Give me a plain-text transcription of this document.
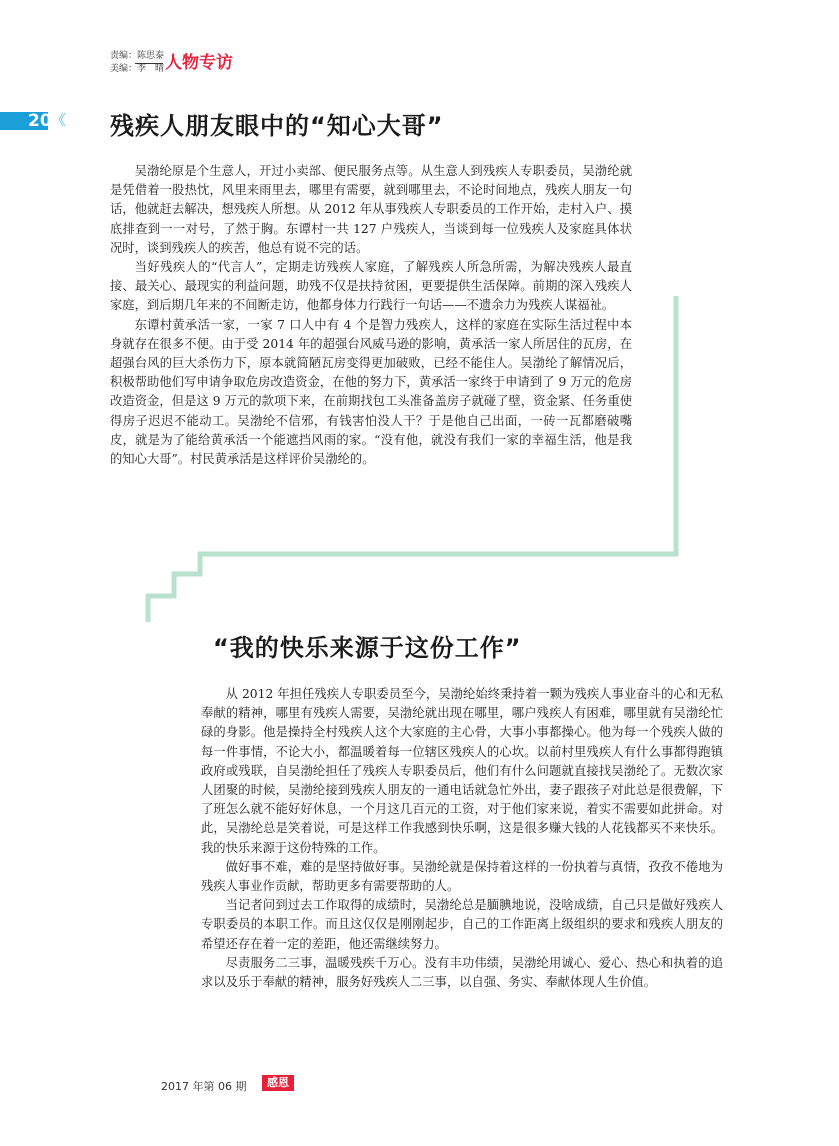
责编：陈思泰
美编：李　晴 人物专访
20 《 残疾人朋友眼中的“知心大哥”

吴渤纶原是个生意人，开过小卖部、便民服务点等。从生意人到残疾人专职委员，吴渤纶就是凭借着一股热忱，风里来雨里去，哪里有需要，就到哪里去，不论时间地点，残疾人朋友一句话，他就赶去解决，想残疾人所想。从 2012 年从事残疾人专职委员的工作开始，走村入户、摸底排查到一一对号，了然于胸。东谭村一共 127 户残疾人，当谈到每一位残疾人及家庭具体状况时，谈到残疾人的疾苦，他总有说不完的话。

当好残疾人的“代言人”，定期走访残疾人家庭，了解残疾人所急所需，为解决残疾人最直接、最关心、最现实的利益问题，助残不仅是扶持贫困，更要提供生活保障。前期的深入残疾人家庭，到后期几年来的不间断走访，他都身体力行践行一句话——不遗余力为残疾人谋福祉。

东谭村黄承活一家，一家 7 口人中有 4 个是智力残疾人，这样的家庭在实际生活过程中本身就存在很多不便。由于受 2014 年的超强台风威马逊的影响，黄承活一家人所居住的瓦房，在超强台风的巨大杀伤力下，原本就简陋瓦房变得更加破败，已经不能住人。吴渤纶了解情况后，积极帮助他们写申请争取危房改造资金，在他的努力下，黄承活一家终于申请到了 9 万元的危房改造资金，但是这 9 万元的款项下来，在前期找包工头准备盖房子就碰了壁，资金紧、任务重使得房子迟迟不能动工。吴渤纶不信邪，有钱害怕没人干？于是他自己出面，一砖一瓦都磨破嘴皮，就是为了能给黄承活一个能遮挡风雨的家。“没有他，就没有我们一家的幸福生活，他是我的知心大哥”。村民黄承活是这样评价吴渤纶的。

“我的快乐来源于这份工作”

从 2012 年担任残疾人专职委员至今，吴渤纶始终秉持着一颗为残疾人事业奋斗的心和无私奉献的精神，哪里有残疾人需要，吴渤纶就出现在哪里，哪户残疾人有困难，哪里就有吴渤纶忙碌的身影。他是操持全村残疾人这个大家庭的主心骨，大事小事都操心。他为每一个残疾人做的每一件事情，不论大小，都温暖着每一位辖区残疾人的心坎。以前村里残疾人有什么事都得跑镇政府或残联，自吴渤纶担任了残疾人专职委员后，他们有什么问题就直接找吴渤纶了。无数次家人团聚的时候，吴渤纶接到残疾人朋友的一通电话就急忙外出，妻子跟孩子对此总是很费解，下了班怎么就不能好好休息，一个月这几百元的工资，对于他们家来说，着实不需要如此拼命。对此，吴渤纶总是笑着说，可是这样工作我感到快乐啊，这是很多赚大钱的人花钱都买不来快乐。我的快乐来源于这份特殊的工作。

做好事不难，难的是坚持做好事。吴渤纶就是保持着这样的一份执着与真情，孜孜不倦地为残疾人事业作贡献，帮助更多有需要帮助的人。

当记者问到过去工作取得的成绩时，吴渤纶总是腼腆地说，没啥成绩，自己只是做好残疾人专职委员的本职工作。而且这仅仅是刚刚起步，自己的工作距离上级组织的要求和残疾人朋友的希望还存在着一定的差距，他还需继续努力。

尽责服务二三事，温暖残疾千万心。没有丰功伟绩，吴渤纶用诚心、爱心、热心和执着的追求以及乐于奉献的精神，服务好残疾人二三事，以自强、务实、奉献体现人生价值。

2017 年第 06 期	感恩
